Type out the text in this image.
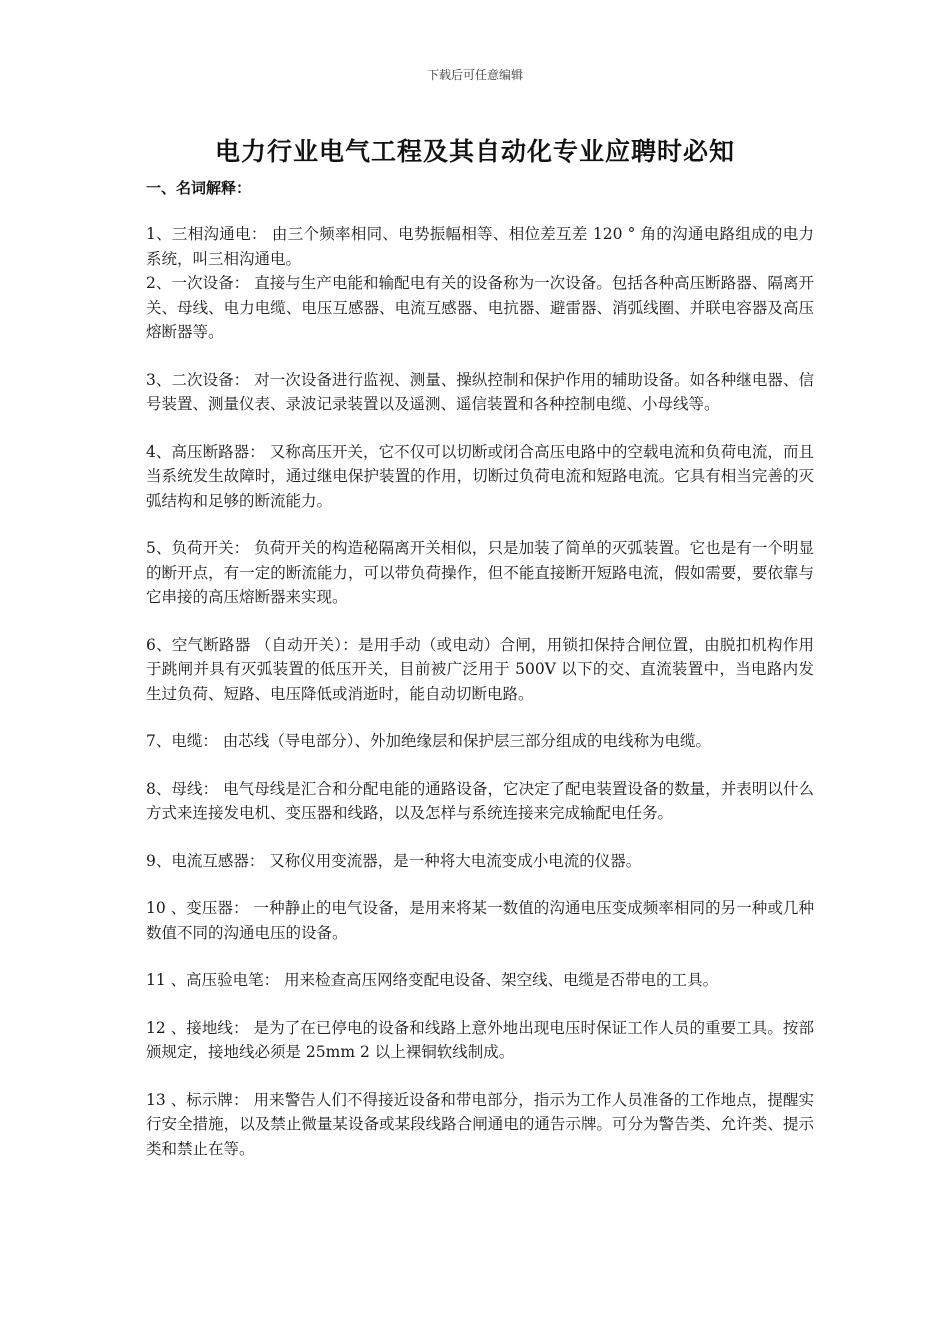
下载后可任意编辑
电力行业电气工程及其自动化专业应聘时必知
一、名词解释：

1、三相沟通电： 由三个频率相同、电势振幅相等、相位差互差 120 ° 角的沟通电路组成的电力系统，叫三相沟通电。

2、一次设备： 直接与生产电能和输配电有关的设备称为一次设备。包括各种高压断路器、隔离开关、母线、电力电缆、电压互感器、电流互感器、电抗器、避雷器、消弧线圈、并联电容器及高压熔断器等。

3、二次设备： 对一次设备进行监视、测量、操纵控制和保护作用的辅助设备。如各种继电器、信号装置、测量仪表、录波记录装置以及遥测、遥信装置和各种控制电缆、小母线等。

4、高压断路器： 又称高压开关，它不仅可以切断或闭合高压电路中的空载电流和负荷电流，而且当系统发生故障时，通过继电保护装置的作用，切断过负荷电流和短路电流。它具有相当完善的灭弧结构和足够的断流能力。

5、负荷开关： 负荷开关的构造秘隔离开关相似，只是加装了简单的灭弧装置。它也是有一个明显的断开点，有一定的断流能力，可以带负荷操作，但不能直接断开短路电流，假如需要，要依靠与它串接的高压熔断器来实现。

6、空气断路器 （自动开关）：是用手动（或电动）合闸，用锁扣保持合闸位置，由脱扣机构作用于跳闸并具有灭弧装置的低压开关，目前被广泛用于 500V 以下的交、直流装置中，当电路内发生过负荷、短路、电压降低或消逝时，能自动切断电路。

7、电缆： 由芯线（导电部分）、外加绝缘层和保护层三部分组成的电线称为电缆。

8、母线： 电气母线是汇合和分配电能的通路设备，它决定了配电装置设备的数量，并表明以什么方式来连接发电机、变压器和线路，以及怎样与系统连接来完成输配电任务。

9、电流互感器： 又称仪用变流器，是一种将大电流变成小电流的仪器。

10 、变压器： 一种静止的电气设备，是用来将某一数值的沟通电压变成频率相同的另一种或几种数值不同的沟通电压的设备。

11 、高压验电笔： 用来检查高压网络变配电设备、架空线、电缆是否带电的工具。

12 、接地线： 是为了在已停电的设备和线路上意外地出现电压时保证工作人员的重要工具。按部颁规定，接地线必须是 25mm 2 以上裸铜软线制成。

13 、标示牌： 用来警告人们不得接近设备和带电部分，指示为工作人员准备的工作地点，提醒实行安全措施，以及禁止微量某设备或某段线路合闸通电的通告示牌。可分为警告类、允许类、提示类和禁止在等。
